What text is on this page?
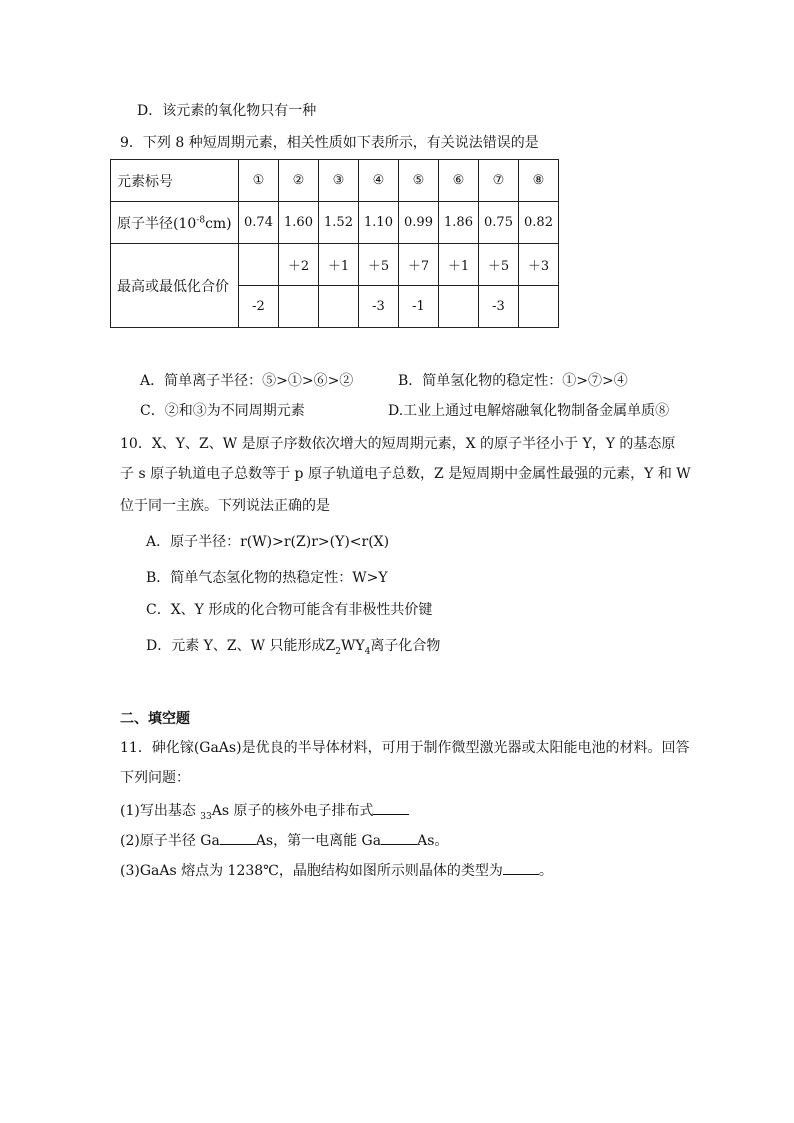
D．该元素的氧化物只有一种
9．下列 8 种短周期元素，相关性质如下表所示，有关说法错误的是
元素标号	①	②	③	④	⑤	⑥	⑦	⑧
原子半径$(10^{-8}cm)$	0.74	1.60	1.52	1.10	0.99	1.86	0.75	0.82
最高或最低化合价		＋2	＋1	＋5	＋7	＋1	＋5	＋3
	-2			-3	-1		-3	
A．简单离子半径：⑤>①>⑥>②	B．简单氢化物的稳定性：①>⑦>④
C．②和③为不同周期元素	D.工业上通过电解熔融氧化物制备金属单质⑧
10．X、Y、Z、W 是原子序数依次增大的短周期元素，X 的原子半径小于 Y，Y 的基态原
子 s 原子轨道电子总数等于 p 原子轨道电子总数，Z 是短周期中金属性最强的元素，Y 和 W
位于同一主族。下列说法正确的是
A．原子半径：r(W)>r(Z)r>(Y)<r(X)
B．简单气态氢化物的热稳定性：W>Y
C．X、Y 形成的化合物可能含有非极性共价键
D．元素 Y、Z、W 只能形成$Z_2WY_4$离子化合物
二、填空题
11．砷化镓(GaAs)是优良的半导体材料，可用于制作微型激光器或太阳能电池的材料。回答
下列问题：
(1)写出基态 $_{33}$As 原子的核外电子排布式
(2)原子半径 Ga	As，第一电离能 Ga	As。
(3)GaAs 熔点为 1238℃，晶胞结构如图所示则晶体的类型为	。
